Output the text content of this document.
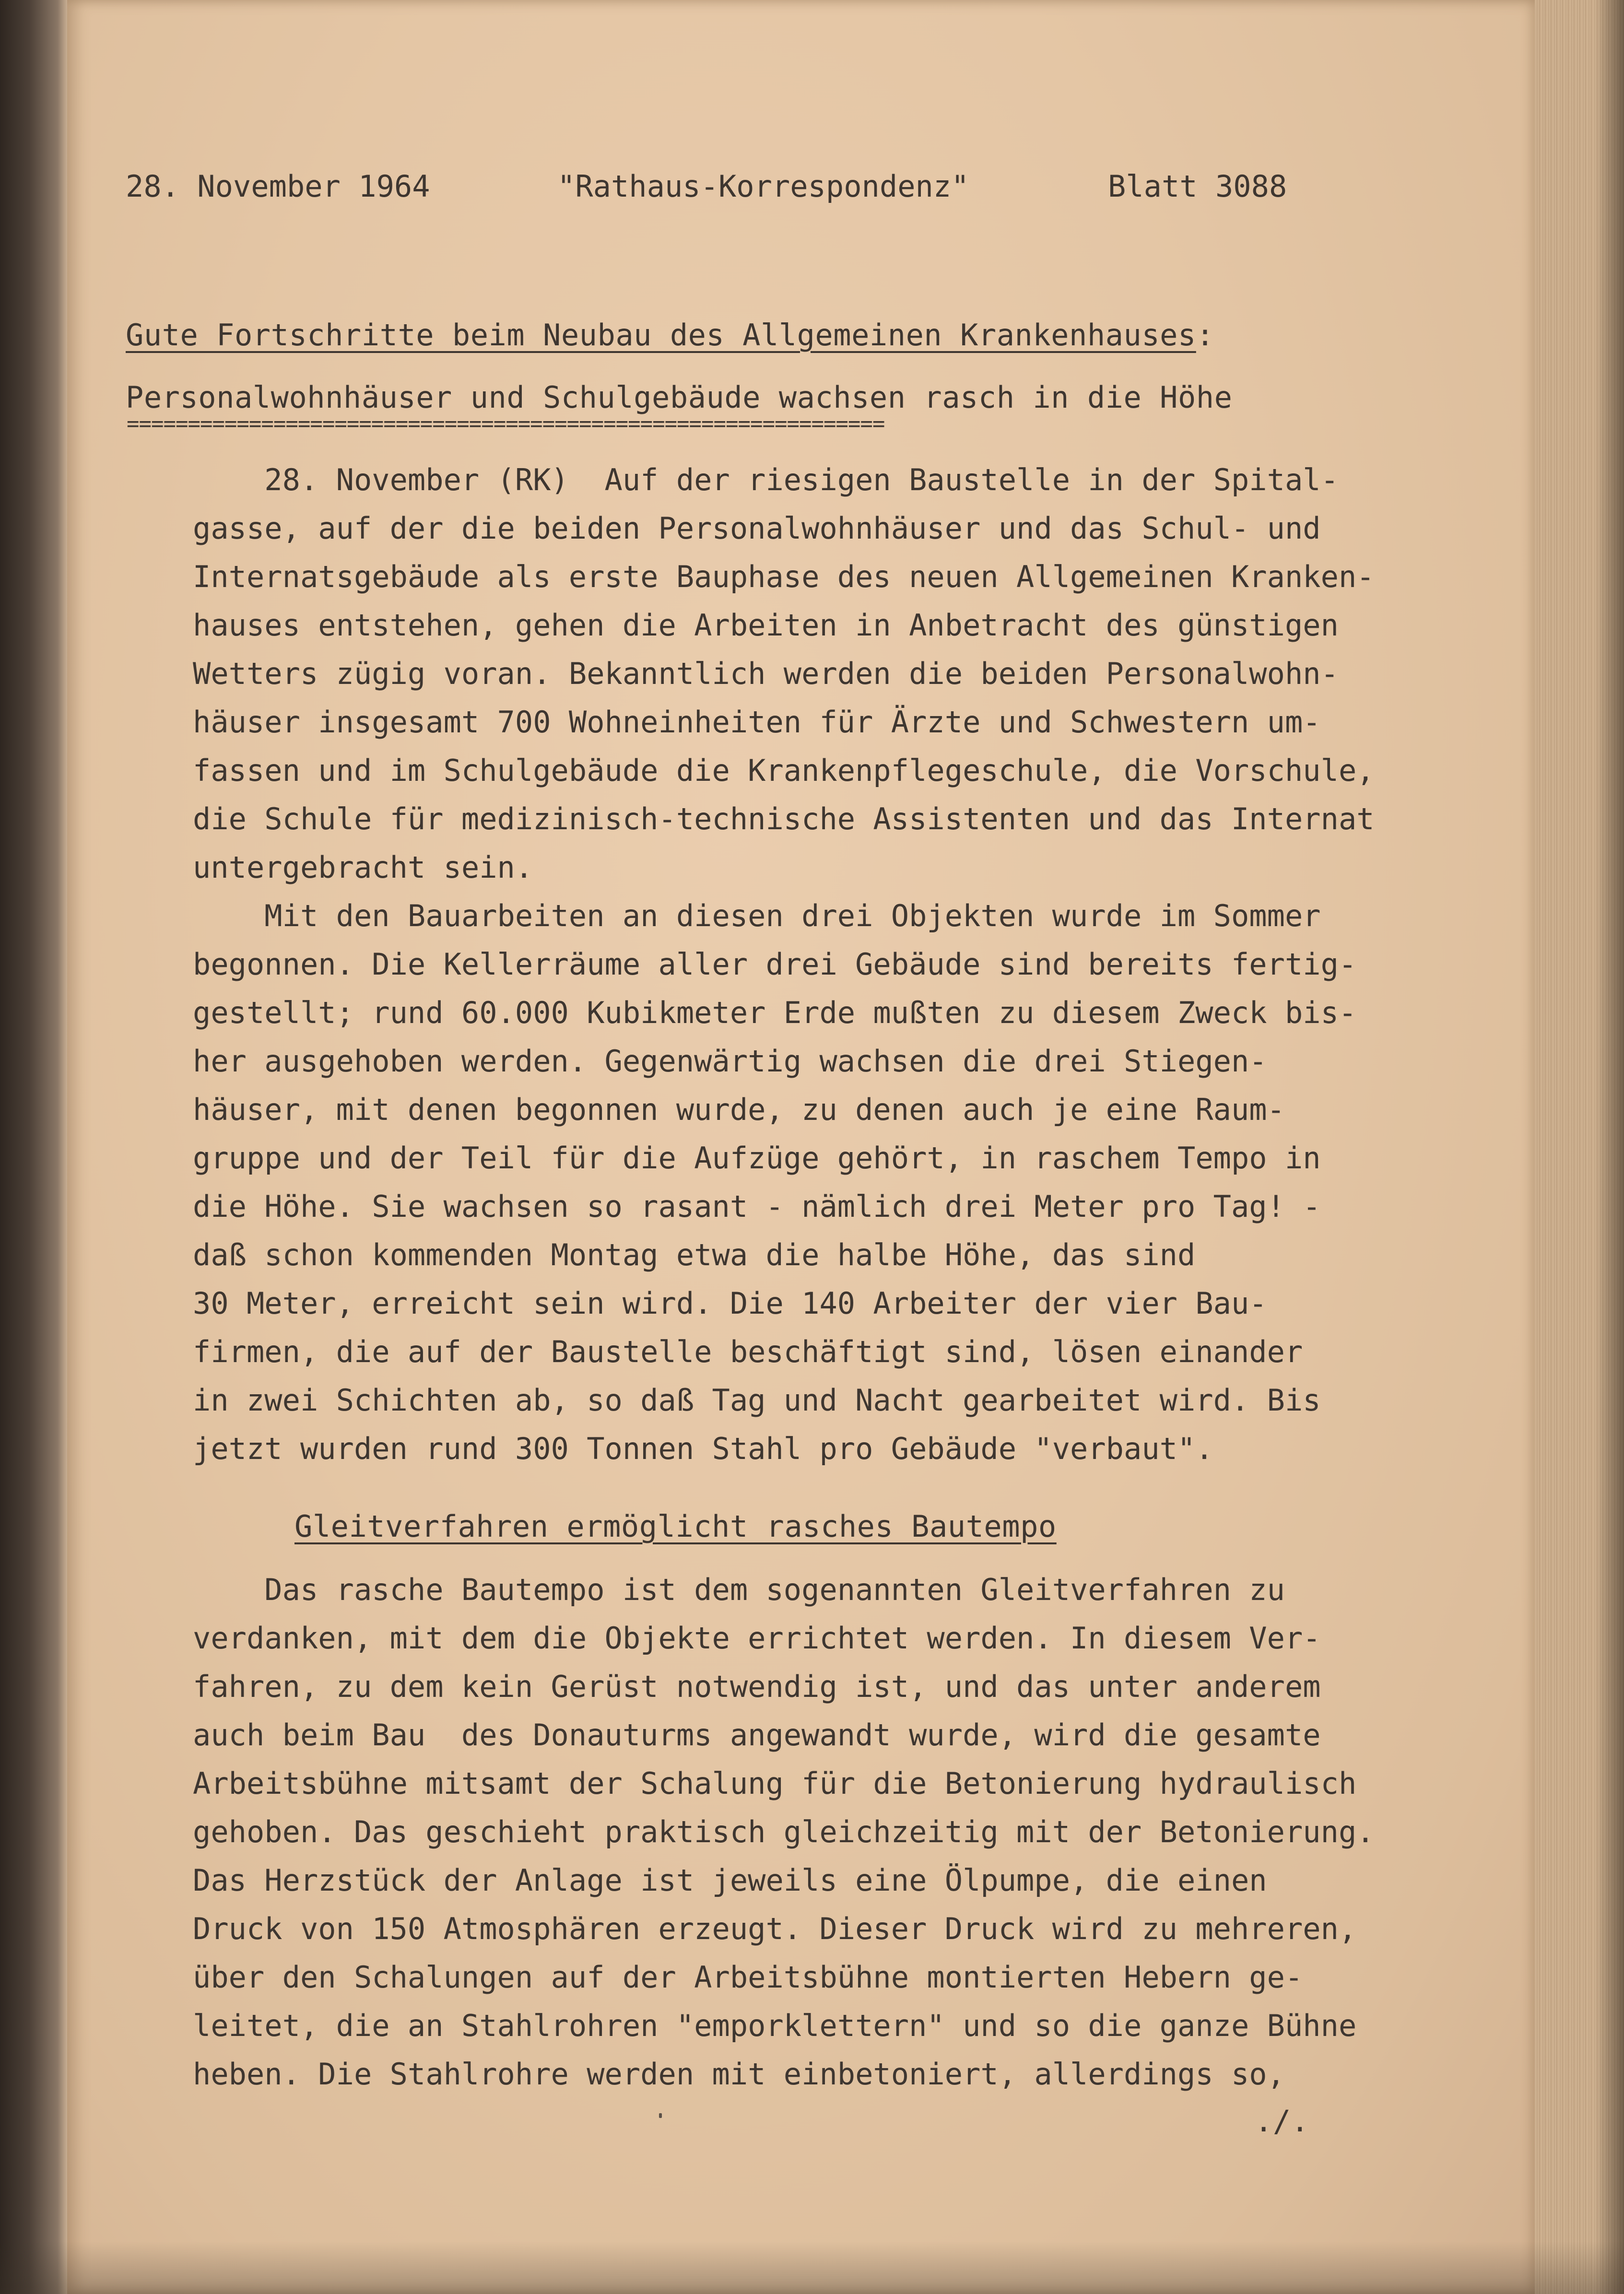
28. November 1964	"Rathaus-Korrespondenz"	Blatt 3088
Gute Fortschritte beim Neubau des Allgemeinen Krankenhauses:
Personalwohnhäuser und Schulgebäude wachsen rasch in die Höhe
==============================================================
28. November (RK)  Auf der riesigen Baustelle in der Spital-
gasse, auf der die beiden Personalwohnhäuser und das Schul- und
Internatsgebäude als erste Bauphase des neuen Allgemeinen Kranken-
hauses entstehen, gehen die Arbeiten in Anbetracht des günstigen
Wetters zügig voran. Bekanntlich werden die beiden Personalwohn-
häuser insgesamt 700 Wohneinheiten für Ärzte und Schwestern um-
fassen und im Schulgebäude die Krankenpflegeschule, die Vorschule,
die Schule für medizinisch-technische Assistenten und das Internat
untergebracht sein.
Mit den Bauarbeiten an diesen drei Objekten wurde im Sommer
begonnen. Die Kellerräume aller drei Gebäude sind bereits fertig-
gestellt; rund 60.000 Kubikmeter Erde mußten zu diesem Zweck bis-
her ausgehoben werden. Gegenwärtig wachsen die drei Stiegen-
häuser, mit denen begonnen wurde, zu denen auch je eine Raum-
gruppe und der Teil für die Aufzüge gehört, in raschem Tempo in
die Höhe. Sie wachsen so rasant - nämlich drei Meter pro Tag! -
daß schon kommenden Montag etwa die halbe Höhe, das sind
30 Meter, erreicht sein wird. Die 140 Arbeiter der vier Bau-
firmen, die auf der Baustelle beschäftigt sind, lösen einander
in zwei Schichten ab, so daß Tag und Nacht gearbeitet wird. Bis
jetzt wurden rund 300 Tonnen Stahl pro Gebäude "verbaut".
Gleitverfahren ermöglicht rasches Bautempo
Das rasche Bautempo ist dem sogenannten Gleitverfahren zu
verdanken, mit dem die Objekte errichtet werden. In diesem Ver-
fahren, zu dem kein Gerüst notwendig ist, und das unter anderem
auch beim Bau  des Donauturms angewandt wurde, wird die gesamte
Arbeitsbühne mitsamt der Schalung für die Betonierung hydraulisch
gehoben. Das geschieht praktisch gleichzeitig mit der Betonierung.
Das Herzstück der Anlage ist jeweils eine Ölpumpe, die einen
Druck von 150 Atmosphären erzeugt. Dieser Druck wird zu mehreren,
über den Schalungen auf der Arbeitsbühne montierten Hebern ge-
leitet, die an Stahlrohren "emporklettern" und so die ganze Bühne
heben. Die Stahlrohre werden mit einbetoniert, allerdings so,
./.
